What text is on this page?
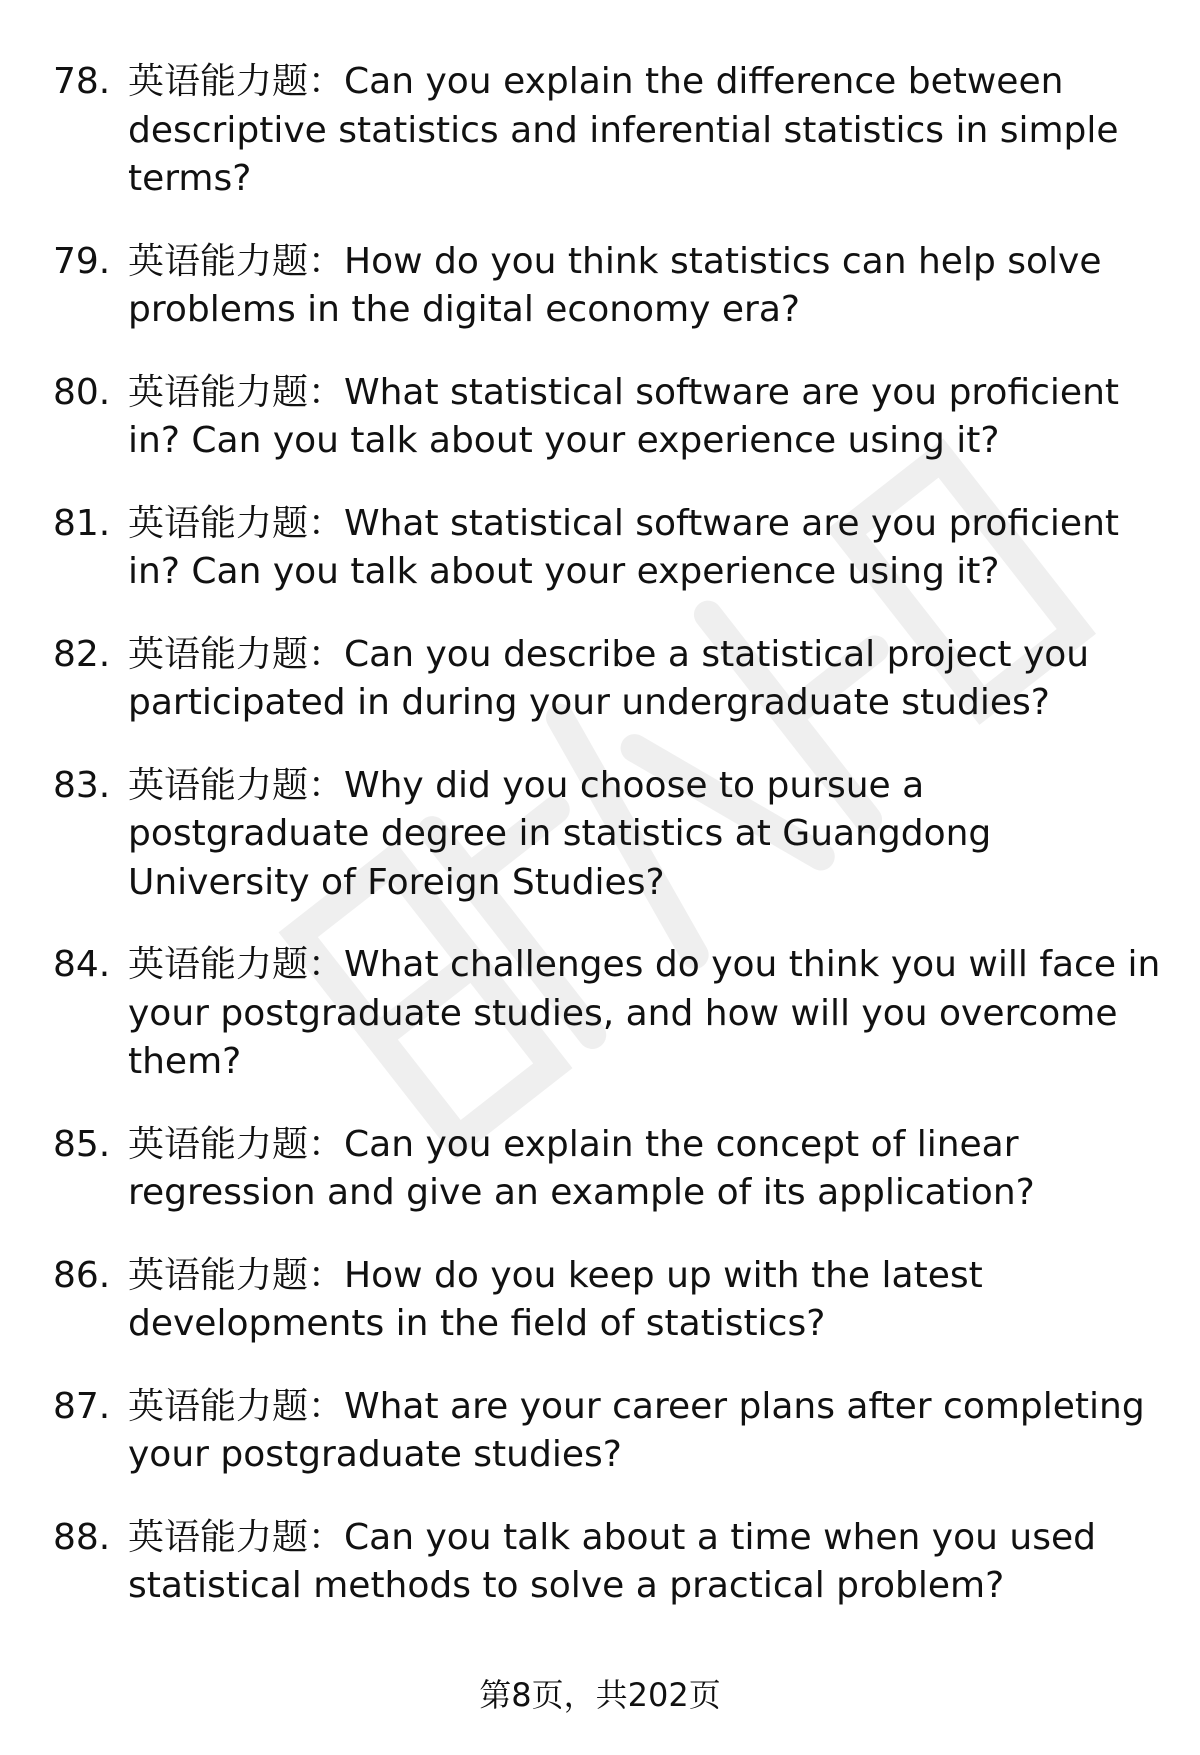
78. 英语能力题：Can you explain the difference between descriptive statistics and inferential statistics in simple terms?
79. 英语能力题：How do you think statistics can help solve problems in the digital economy era?
80. 英语能力题：What statistical software are you proficient in? Can you talk about your experience using it?
81. 英语能力题：What statistical software are you proficient in? Can you talk about your experience using it?
82. 英语能力题：Can you describe a statistical project you participated in during your undergraduate studies?
83. 英语能力题：Why did you choose to pursue a postgraduate degree in statistics at Guangdong University of Foreign Studies?
84. 英语能力题：What challenges do you think you will face in your postgraduate studies, and how will you overcome them?
85. 英语能力题：Can you explain the concept of linear regression and give an example of its application?
86. 英语能力题：How do you keep up with the latest developments in the field of statistics?
87. 英语能力题：What are your career plans after completing your postgraduate studies?
88. 英语能力题：Can you talk about a time when you used statistical methods to solve a practical problem?
第8页，共202页
